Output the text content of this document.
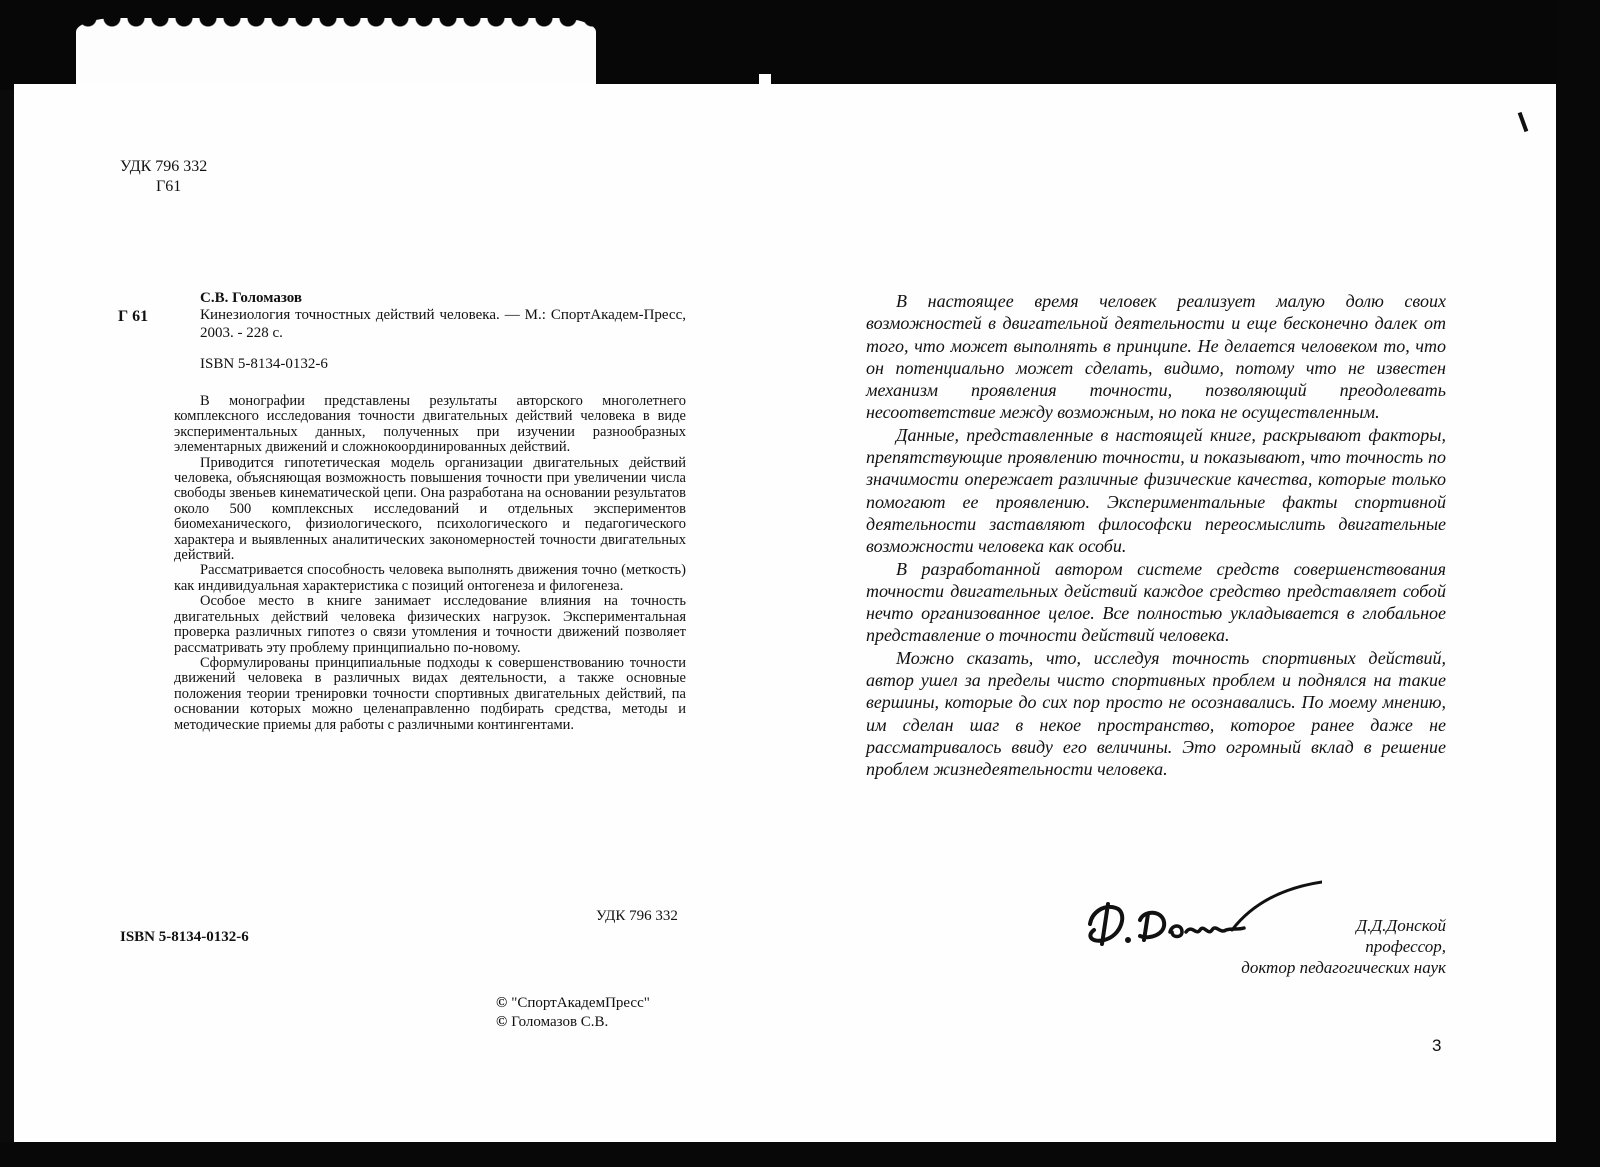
УДК 796 332
Г61
С.В. Голомазов
Г 61	Кинезиология точностных действий человека. — М.: СпортАкадем-Пресс, 2003. - 228 с.
ISBN 5-8134-0132-6

В монографии представлены результаты авторского многолетнего комплексного исследования точности двигательных действий человека в виде экспериментальных данных, полученных при изучении разнообразных элементарных движений и сложнокоординированных действий.

Приводится гипотетическая модель организации двигательных действий человека, объясняющая возможность повышения точности при увеличении числа свободы звеньев кинематической цепи. Она разработана на основании результатов около 500 комплексных исследований и отдельных экспериментов биомеханического, физиологического, психологического и педагогического характера и выявленных аналитических закономерностей точности двигательных действий.

Рассматривается способность человека выполнять движения точно (меткость) как индивидуальная характеристика с позиций онтогенеза и филогенеза.

Особое место в книге занимает исследование влияния на точность двигательных действий человека физических нагрузок. Экспериментальная проверка различных гипотез о связи утомления и точности движений позволяет рассматривать эту проблему принципиально по-новому.

Сформулированы принципиальные подходы к совершенствованию точности движений человека в различных видах деятельности, а также основные положения теории тренировки точности спортивных двигательных действий, па основании которых можно целенаправленно подбирать средства, методы и методические приемы для работы с различными контингентами.

ISBN 5-8134-0132-6
УДК 796 332
© "СпортАкадемПресс"
© Голомазов С.В.

В настоящее время человек реализует малую долю своих возможностей в двигательной деятельности и еще бесконечно далек от того, что может выполнять в принципе. Не делается человеком то, что он потенциально может сделать, видимо, потому что не известен механизм проявления точности, позволяющий преодолевать несоответствие между возможным, но пока не осуществленным.

Данные, представленные в настоящей книге, раскрывают факторы, препятствующие проявлению точности, и показывают, что точность по значимости опережает различные физические качества, которые только помогают ее проявлению. Экспериментальные факты спортивной деятельности заставляют философски переосмыслить двигательные возможности человека как особи.

В разработанной автором системе средств совершенствования точности двигательных действий каждое средство представляет собой нечто организованное целое. Все полностью укладывается в глобальное представление о точности действий человека.

Можно сказать, что, исследуя точность спортивных действий, автор ушел за пределы чисто спортивных проблем и поднялся на такие вершины, которые до сих пор просто не осознавались. По моему мнению, им сделан шаг в некое пространство, которое ранее даже не рассматривалось ввиду его величины. Это огромный вклад в решение проблем жизнедеятельности человека.

Д.Д.Донской
профессор,
доктор педагогических наук
3
